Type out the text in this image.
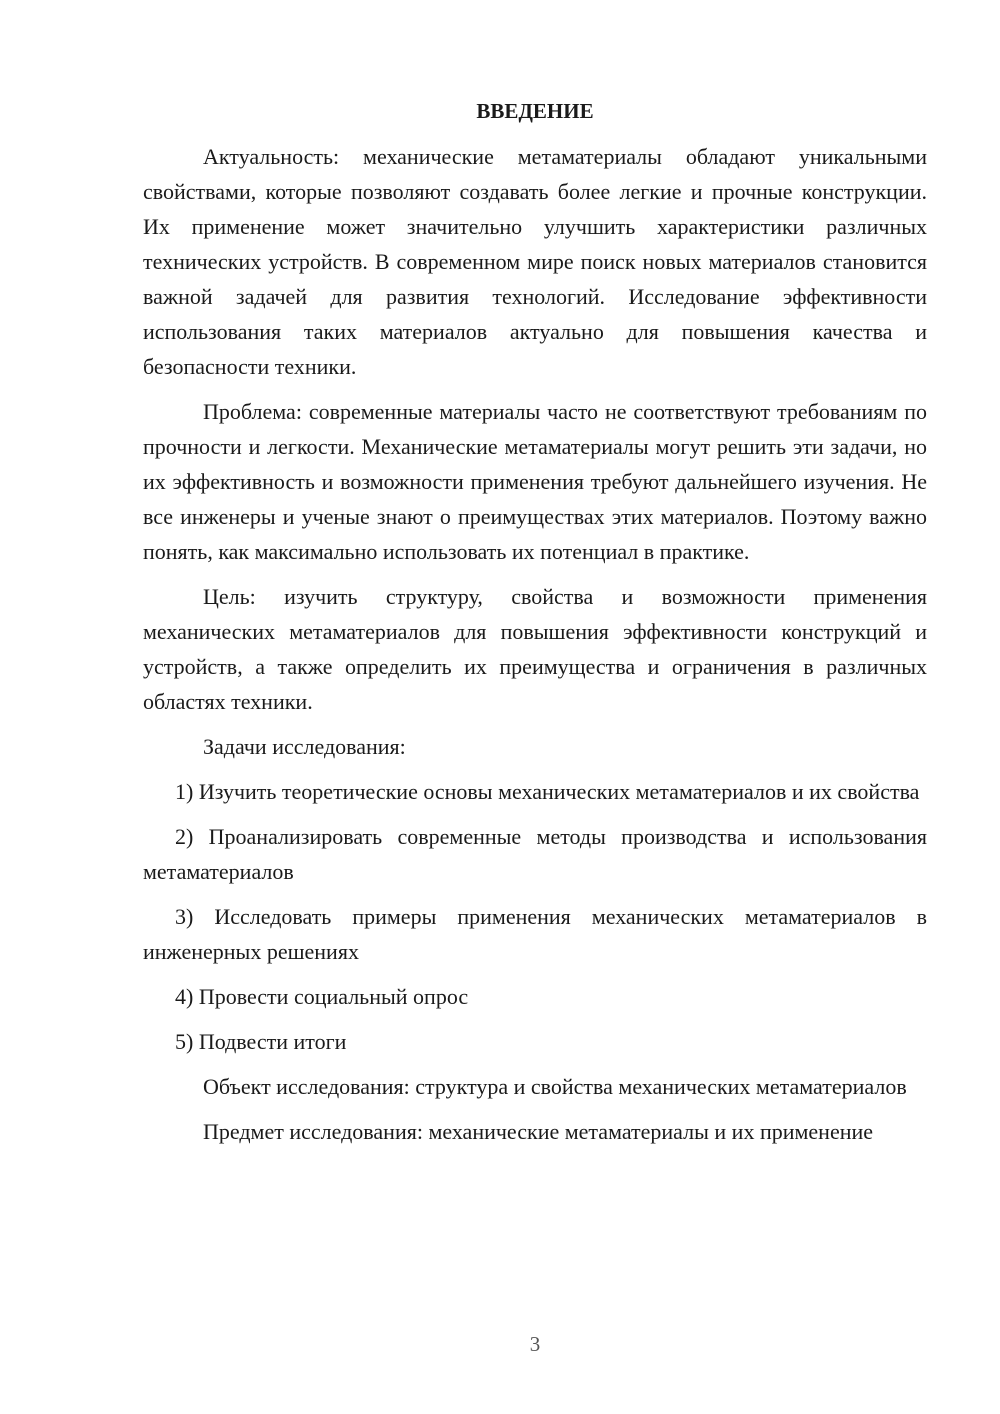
ВВЕДЕНИЕ

Актуальность: механические метаматериалы обладают уникальными свойствами, которые позволяют создавать более легкие и прочные конструкции. Их применение может значительно улучшить характеристики различных технических устройств. В современном мире поиск новых материалов становится важной задачей для развития технологий. Исследование эффективности использования таких материалов актуально для повышения качества и безопасности техники.

Проблема: современные материалы часто не соответствуют требованиям по прочности и легкости. Механические метаматериалы могут решить эти задачи, но их эффективность и возможности применения требуют дальнейшего изучения. Не все инженеры и ученые знают о преимуществах этих материалов. Поэтому важно понять, как максимально использовать их потенциал в практике.

Цель: изучить структуру, свойства и возможности применения механических метаматериалов для повышения эффективности конструкций и устройств, а также определить их преимущества и ограничения в различных областях техники.

Задачи исследования:

1) Изучить теоретические основы механических метаматериалов и их свойства

2) Проанализировать современные методы производства и использования метаматериалов

3) Исследовать примеры применения механических метаматериалов в инженерных решениях

4) Провести социальный опрос

5) Подвести итоги

Объект исследования: структура и свойства механических метаматериалов

Предмет исследования: механические метаматериалы и их применение

3
